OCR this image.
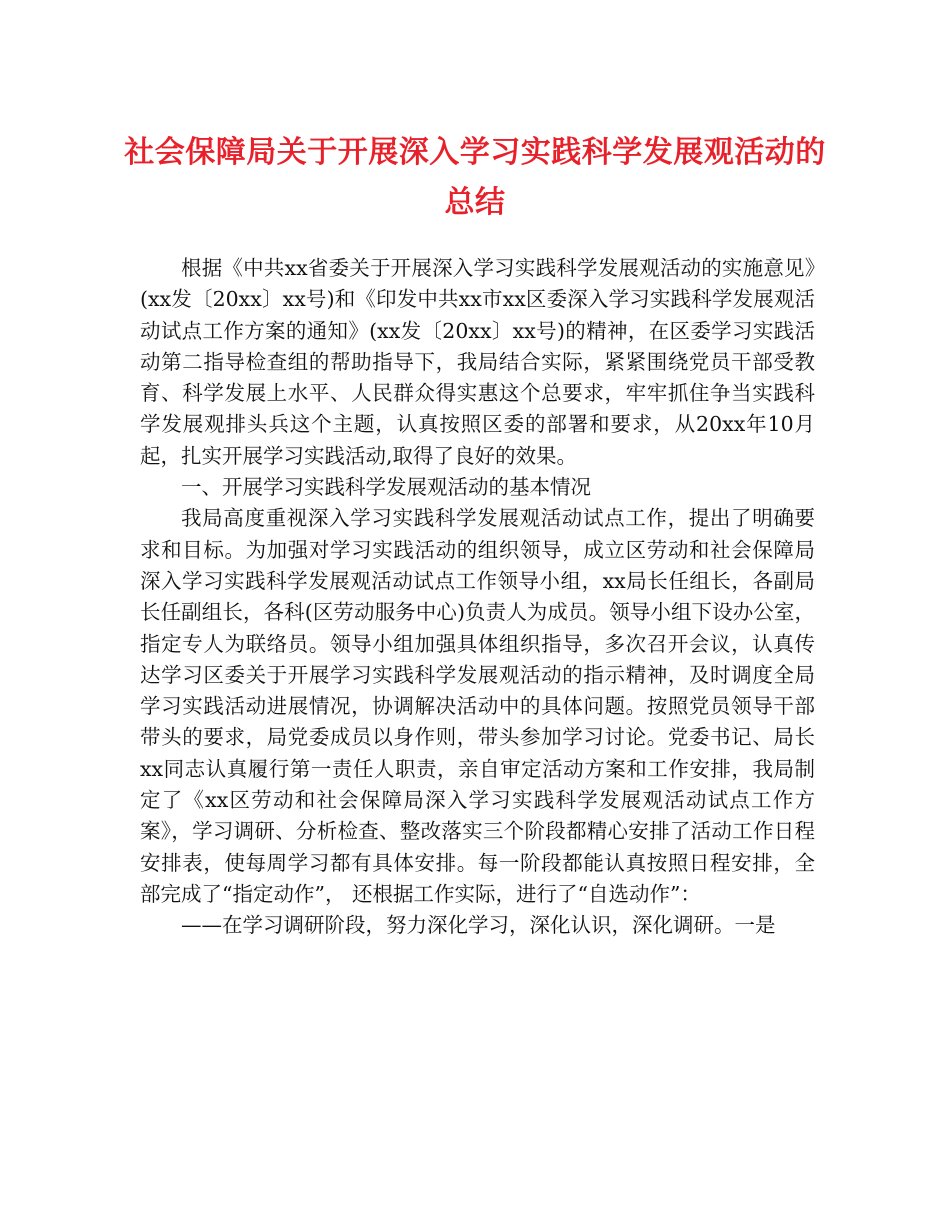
社会保障局关于开展深入学习实践科学发展观活动的总结

根据《中共xx省委关于开展深入学习实践科学发展观活动的实施意见》(xx发〔20xx〕xx号)和《印发中共xx市xx区委深入学习实践科学发展观活动试点工作方案的通知》(xx发〔20xx〕xx号)的精神，在区委学习实践活动第二指导检查组的帮助指导下，我局结合实际，紧紧围绕党员干部受教育、科学发展上水平、人民群众得实惠这个总要求，牢牢抓住争当实践科学发展观排头兵这个主题，认真按照区委的部署和要求，从20xx年10月起，扎实开展学习实践活动,取得了良好的效果。

一、开展学习实践科学发展观活动的基本情况

我局高度重视深入学习实践科学发展观活动试点工作，提出了明确要求和目标。为加强对学习实践活动的组织领导，成立区劳动和社会保障局深入学习实践科学发展观活动试点工作领导小组，xx局长任组长，各副局长任副组长，各科(区劳动服务中心)负责人为成员。领导小组下设办公室，指定专人为联络员。领导小组加强具体组织指导，多次召开会议，认真传达学习区委关于开展学习实践科学发展观活动的指示精神，及时调度全局学习实践活动进展情况，协调解决活动中的具体问题。按照党员领导干部带头的要求，局党委成员以身作则，带头参加学习讨论。党委书记、局长xx同志认真履行第一责任人职责，亲自审定活动方案和工作安排，我局制定了《xx区劳动和社会保障局深入学习实践科学发展观活动试点工作方案》，学习调研、分析检查、整改落实三个阶段都精心安排了活动工作日程安排表，使每周学习都有具体安排。每一阶段都能认真按照日程安排，全部完成了“指定动作”， 还根据工作实际，进行了“自选动作”：

——在学习调研阶段，努力深化学习，深化认识，深化调研。一是
